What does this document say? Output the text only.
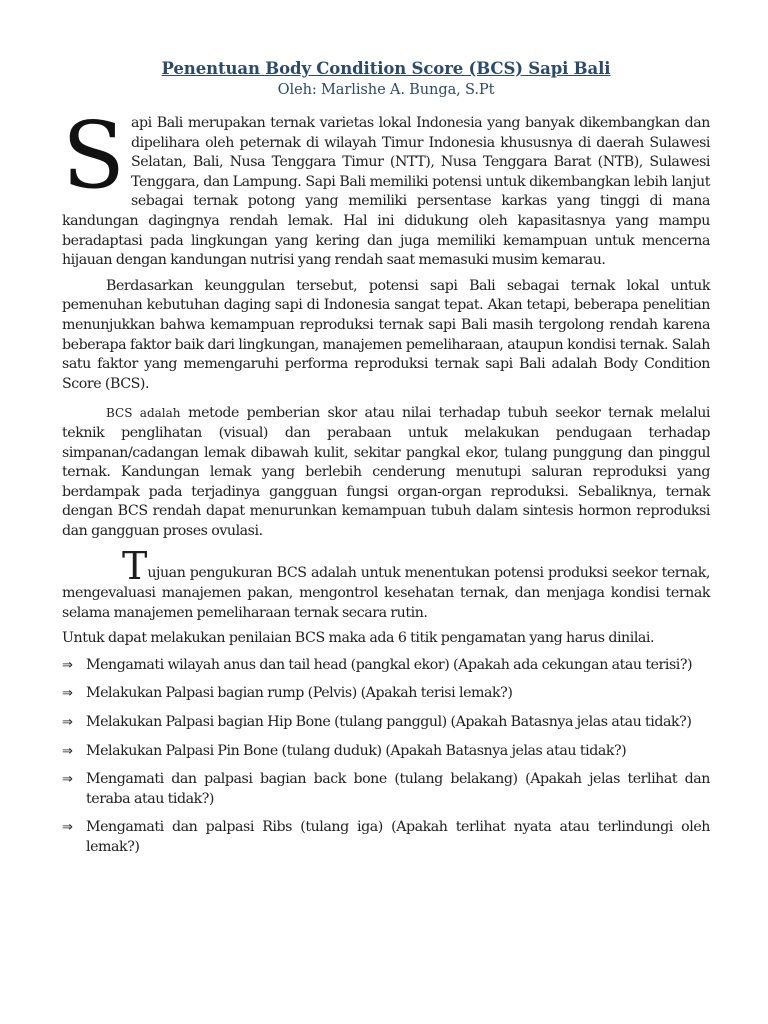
Penentuan Body Condition Score (BCS) Sapi Bali
Oleh: Marlishe A. Bunga, S.Pt

Sapi Bali merupakan ternak varietas lokal Indonesia yang banyak dikembangkan dan dipelihara oleh peternak di wilayah Timur Indonesia khususnya di daerah Sulawesi Selatan, Bali, Nusa Tenggara Timur (NTT), Nusa Tenggara Barat (NTB), Sulawesi Tenggara, dan Lampung. Sapi Bali memiliki potensi untuk dikembangkan lebih lanjut sebagai ternak potong yang memiliki persentase karkas yang tinggi di mana kandungan dagingnya rendah lemak. Hal ini didukung oleh kapasitasnya yang mampu beradaptasi pada lingkungan yang kering dan juga memiliki kemampuan untuk mencerna hijauan dengan kandungan nutrisi yang rendah saat memasuki musim kemarau.

Berdasarkan keunggulan tersebut, potensi sapi Bali sebagai ternak lokal untuk pemenuhan kebutuhan daging sapi di Indonesia sangat tepat. Akan tetapi, beberapa penelitian menunjukkan bahwa kemampuan reproduksi ternak sapi Bali masih tergolong rendah karena beberapa faktor baik dari lingkungan, manajemen pemeliharaan, ataupun kondisi ternak. Salah satu faktor yang memengaruhi performa reproduksi ternak sapi Bali adalah Body Condition Score (BCS).

BCS adalah metode pemberian skor atau nilai terhadap tubuh seekor ternak melalui teknik penglihatan (visual) dan perabaan untuk melakukan pendugaan terhadap simpanan/cadangan lemak dibawah kulit, sekitar pangkal ekor, tulang punggung dan pinggul ternak. Kandungan lemak yang berlebih cenderung menutupi saluran reproduksi yang berdampak pada terjadinya gangguan fungsi organ-organ reproduksi. Sebaliknya, ternak dengan BCS rendah dapat menurunkan kemampuan tubuh dalam sintesis hormon reproduksi dan gangguan proses ovulasi.

Tujuan pengukuran BCS adalah untuk menentukan potensi produksi seekor ternak, mengevaluasi manajemen pakan, mengontrol kesehatan ternak, dan menjaga kondisi ternak selama manajemen pemeliharaan ternak secara rutin.

Untuk dapat melakukan penilaian BCS maka ada 6 titik pengamatan yang harus dinilai.

⇒ Mengamati wilayah anus dan tail head (pangkal ekor) (Apakah ada cekungan atau terisi?)
⇒ Melakukan Palpasi bagian rump (Pelvis) (Apakah terisi lemak?)
⇒ Melakukan Palpasi bagian Hip Bone (tulang panggul) (Apakah Batasnya jelas atau tidak?)
⇒ Melakukan Palpasi Pin Bone (tulang duduk) (Apakah Batasnya jelas atau tidak?)
⇒ Mengamati dan palpasi bagian back bone (tulang belakang) (Apakah jelas terlihat dan teraba atau tidak?)
⇒ Mengamati dan palpasi Ribs (tulang iga) (Apakah terlihat nyata atau terlindungi oleh lemak?)
